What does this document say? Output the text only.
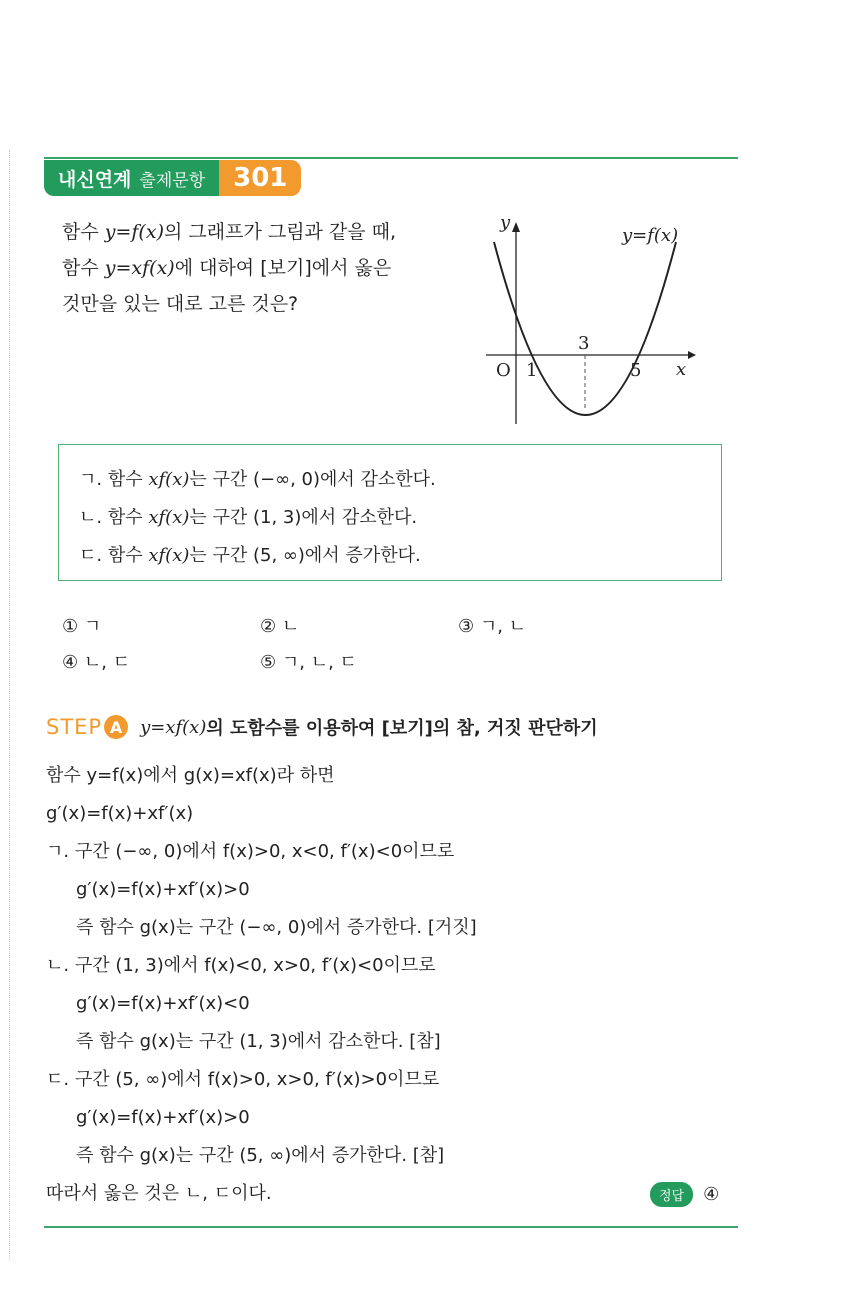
내신연계 출제문항	301
함수 y=f(x)의 그래프가 그림과 같을 때,
함수 y=xf(x)에 대하여 [보기]에서 옳은
것만을 있는 대로 고른 것은?
y
x
O 1	5
3
y=f(x)
ㄱ. 함수 xf(x)는 구간 (−∞, 0)에서 감소한다.
ㄴ. 함수 xf(x)는 구간 (1, 3)에서 감소한다.
ㄷ. 함수 xf(x)는 구간 (5, ∞)에서 증가한다.
① ㄱ	② ㄴ	③ ㄱ, ㄴ
④ ㄴ, ㄷ	⑤ ㄱ, ㄴ, ㄷ
STEP A y=xf(x) 의 도함수를 이용하여 [보기]의 참, 거짓 판단하기
함수 y=f(x)에서 g(x)=xf(x)라 하면
g′(x)=f(x)+xf′(x)
ㄱ. 구간 (−∞, 0)에서 f(x)>0, x<0, f′(x)<0이므로
g′(x)=f(x)+xf′(x)>0
즉 함수 g(x)는 구간 (−∞, 0)에서 증가한다. [거짓]
ㄴ. 구간 (1, 3)에서 f(x)<0, x>0, f′(x)<0이므로
g′(x)=f(x)+xf′(x)<0
즉 함수 g(x)는 구간 (1, 3)에서 감소한다. [참]
ㄷ. 구간 (5, ∞)에서 f(x)>0, x>0, f′(x)>0이므로
g′(x)=f(x)+xf′(x)>0
즉 함수 g(x)는 구간 (5, ∞)에서 증가한다. [참]
따라서 옳은 것은 ㄴ, ㄷ이다.	정답	④
